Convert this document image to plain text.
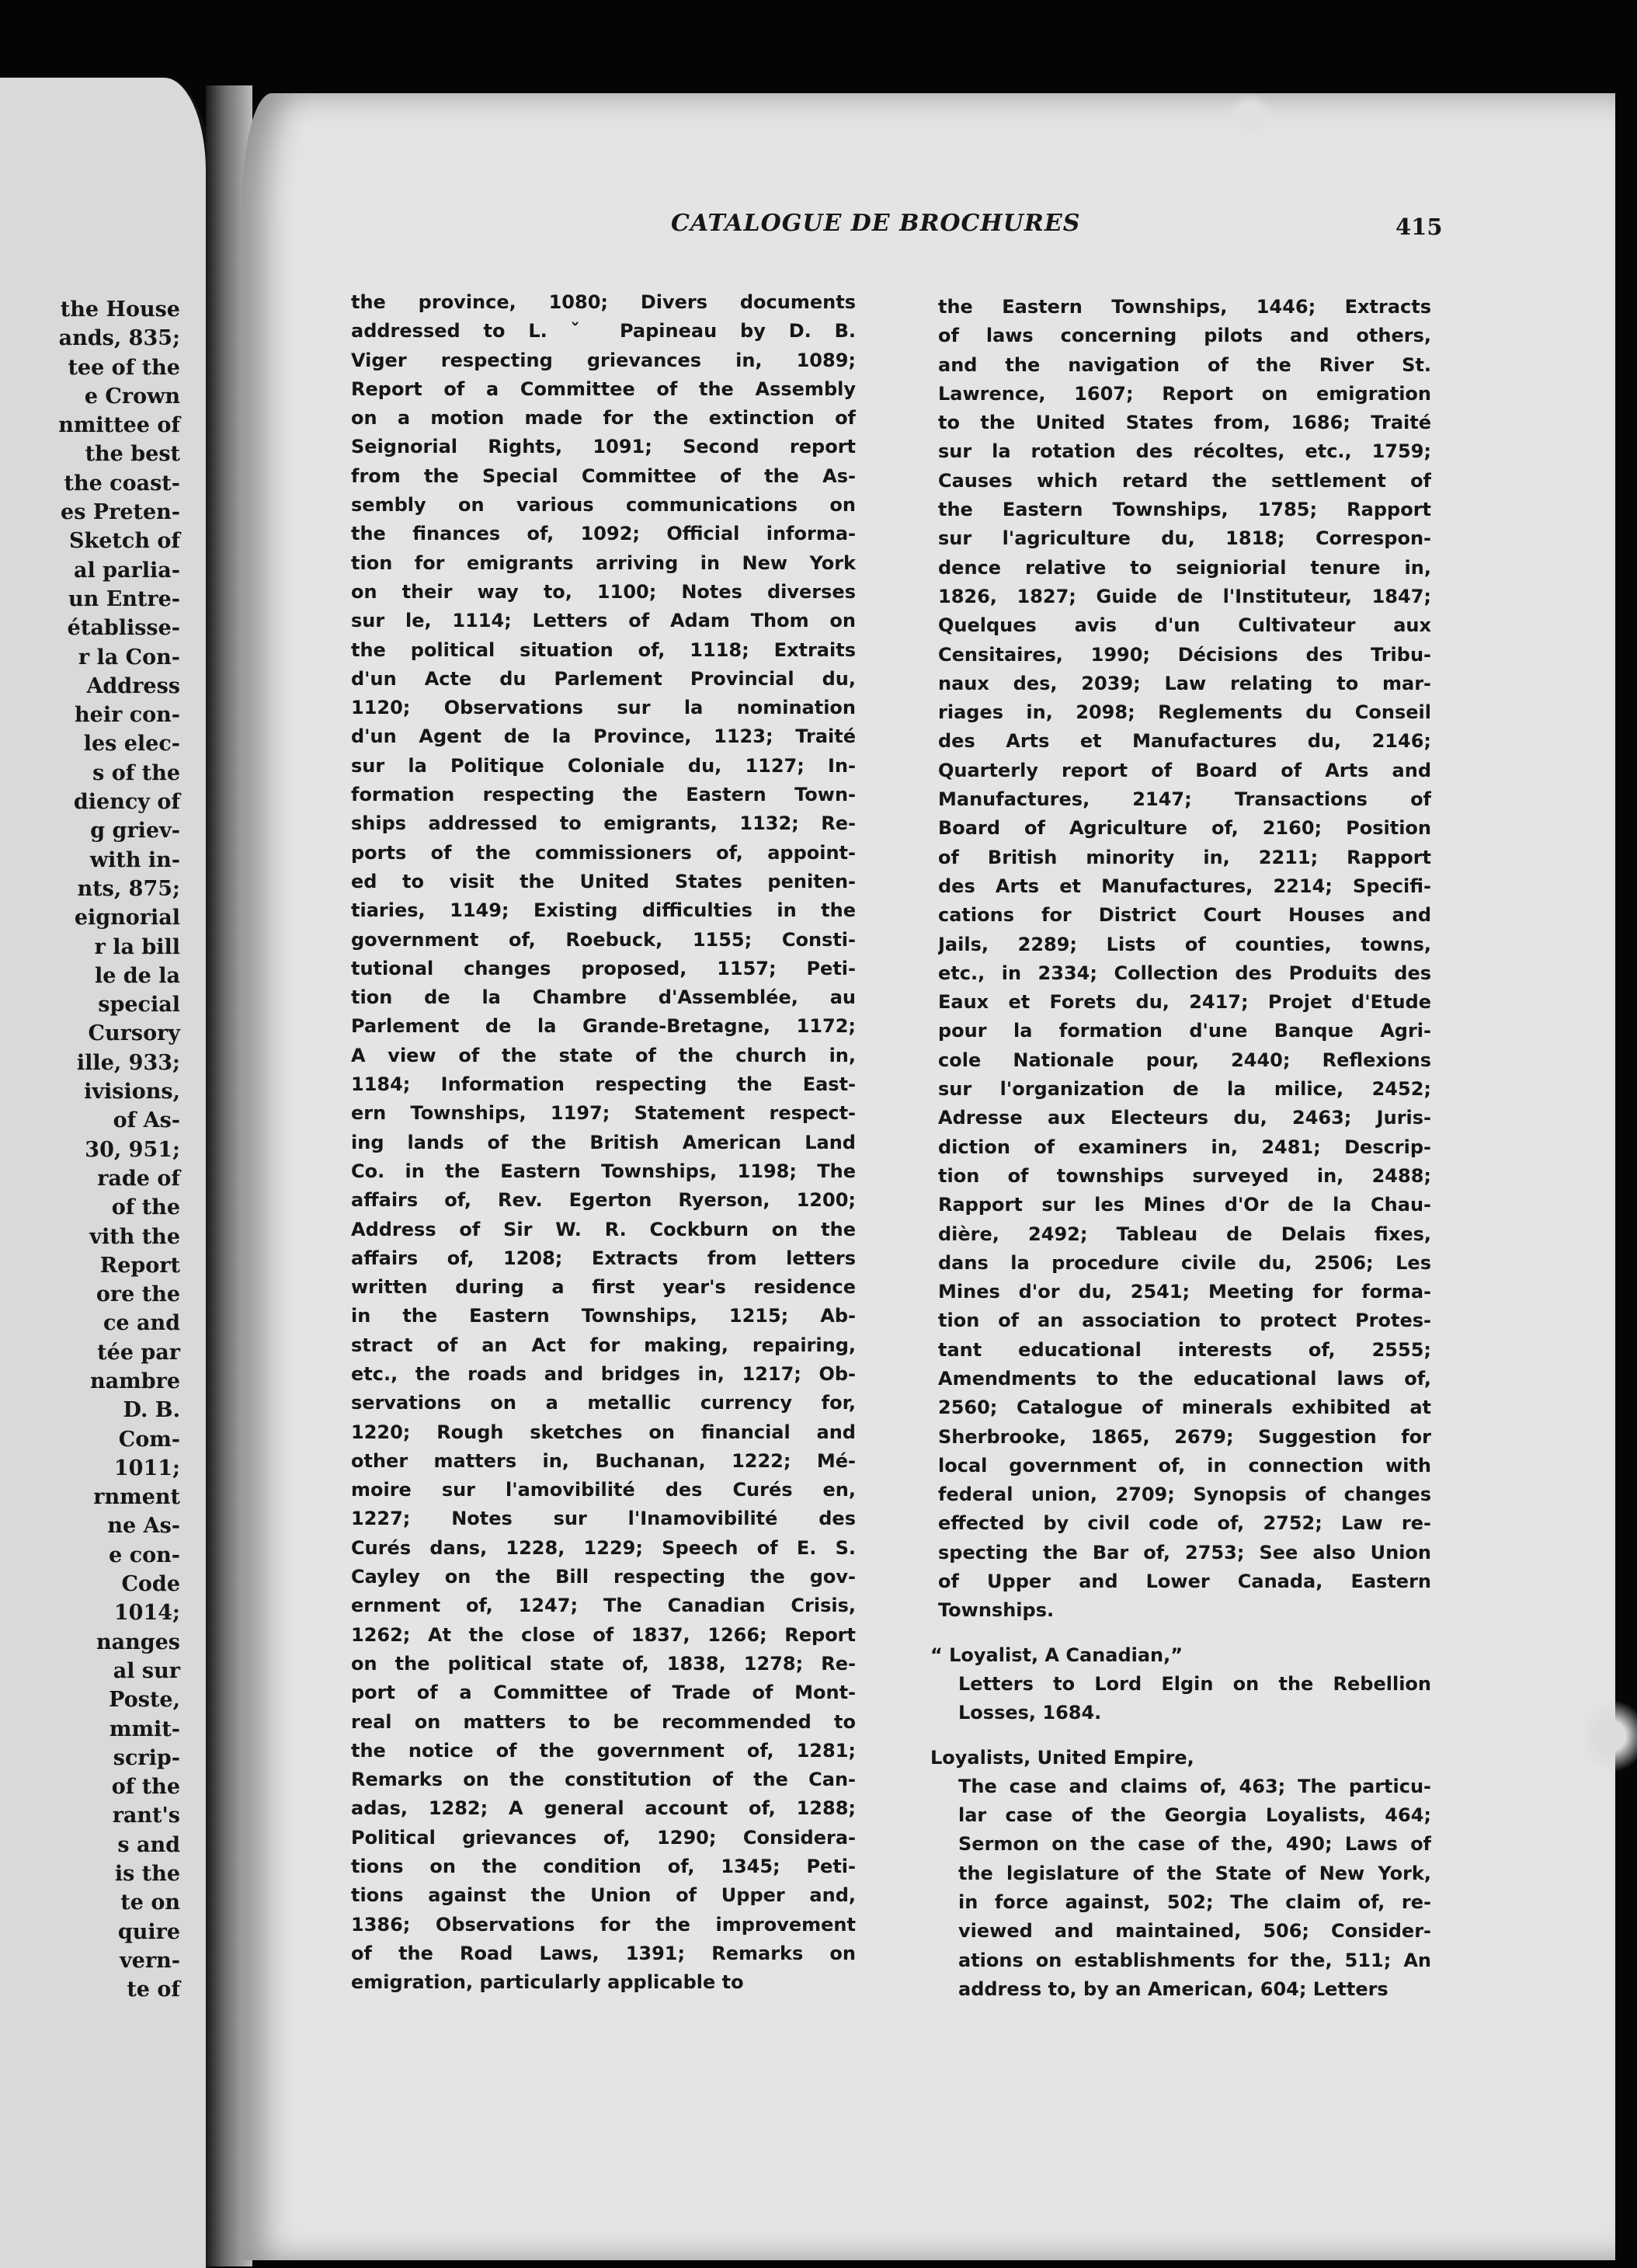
the House
ands, 835;
tee of the
e Crown
nmittee of
the best
the coast-
es Preten-
Sketch of
al parlia-
un Entre-
établisse-
r la Con-
Address
heir con-
les elec-
s of the
diency of
g griev-
with in-
nts, 875;
eignorial
r la bill
le de la
special
Cursory
ille, 933;
ivisions,
of As-
30, 951;
rade of
of the
vith the
Report
ore the
ce and
tée par
nambre
D. B.
Com-
1011;
rnment
ne As-
e con-
Code
1014;
nanges
al sur
Poste,
mmit-
scrip-
of the
rant's
s and
is the
te on
quire
vern-
te of
CATALOGUE DE BROCHURES	415
the province, 1080; Divers documents
addressed to L. ˇ Papineau by D. B.
Viger respecting grievances in, 1089;
Report of a Committee of the Assembly
on a motion made for the extinction of
Seignorial Rights, 1091; Second report
from the Special Committee of the As-
sembly on various communications on
the finances of, 1092; Official informa-
tion for emigrants arriving in New York
on their way to, 1100; Notes diverses
sur le, 1114; Letters of Adam Thom on
the political situation of, 1118; Extraits
d'un Acte du Parlement Provincial du,
1120; Observations sur la nomination
d'un Agent de la Province, 1123; Traité
sur la Politique Coloniale du, 1127; In-
formation respecting the Eastern Town-
ships addressed to emigrants, 1132; Re-
ports of the commissioners of, appoint-
ed to visit the United States peniten-
tiaries, 1149; Existing difficulties in the
government of, Roebuck, 1155; Consti-
tutional changes proposed, 1157; Peti-
tion de la Chambre d'Assemblée, au
Parlement de la Grande-Bretagne, 1172;
A view of the state of the church in,
1184; Information respecting the East-
ern Townships, 1197; Statement respect-
ing lands of the British American Land
Co. in the Eastern Townships, 1198; The
affairs of, Rev. Egerton Ryerson, 1200;
Address of Sir W. R. Cockburn on the
affairs of, 1208; Extracts from letters
written during a first year's residence
in the Eastern Townships, 1215; Ab-
stract of an Act for making, repairing,
etc., the roads and bridges in, 1217; Ob-
servations on a metallic currency for,
1220; Rough sketches on financial and
other matters in, Buchanan, 1222; Mé-
moire sur l'amovibilité des Curés en,
1227; Notes sur l'Inamovibilité des
Curés dans, 1228, 1229; Speech of E. S.
Cayley on the Bill respecting the gov-
ernment of, 1247; The Canadian Crisis,
1262; At the close of 1837, 1266; Report
on the political state of, 1838, 1278; Re-
port of a Committee of Trade of Mont-
real on matters to be recommended to
the notice of the government of, 1281;
Remarks on the constitution of the Can-
adas, 1282; A general account of, 1288;
Political grievances of, 1290; Considera-
tions on the condition of, 1345; Peti-
tions against the Union of Upper and,
1386; Observations for the improvement
of the Road Laws, 1391; Remarks on
emigration, particularly applicable to
the Eastern Townships, 1446; Extracts
of laws concerning pilots and others,
and the navigation of the River St.
Lawrence, 1607; Report on emigration
to the United States from, 1686; Traité
sur la rotation des récoltes, etc., 1759;
Causes which retard the settlement of
the Eastern Townships, 1785; Rapport
sur l'agriculture du, 1818; Correspon-
dence relative to seigniorial tenure in,
1826, 1827; Guide de l'Instituteur, 1847;
Quelques avis d'un Cultivateur aux
Censitaires, 1990; Décisions des Tribu-
naux des, 2039; Law relating to mar-
riages in, 2098; Reglements du Conseil
des Arts et Manufactures du, 2146;
Quarterly report of Board of Arts and
Manufactures, 2147; Transactions of
Board of Agriculture of, 2160; Position
of British minority in, 2211; Rapport
des Arts et Manufactures, 2214; Specifi-
cations for District Court Houses and
Jails, 2289; Lists of counties, towns,
etc., in 2334; Collection des Produits des
Eaux et Forets du, 2417; Projet d'Etude
pour la formation d'une Banque Agri-
cole Nationale pour, 2440; Reflexions
sur l'organization de la milice, 2452;
Adresse aux Electeurs du, 2463; Juris-
diction of examiners in, 2481; Descrip-
tion of townships surveyed in, 2488;
Rapport sur les Mines d'Or de la Chau-
dière, 2492; Tableau de Delais fixes,
dans la procedure civile du, 2506; Les
Mines d'or du, 2541; Meeting for forma-
tion of an association to protect Protes-
tant educational interests of, 2555;
Amendments to the educational laws of,
2560; Catalogue of minerals exhibited at
Sherbrooke, 1865, 2679; Suggestion for
local government of, in connection with
federal union, 2709; Synopsis of changes
effected by civil code of, 2752; Law re-
specting the Bar of, 2753; See also Union
of Upper and Lower Canada, Eastern
Townships.
“ Loyalist, A Canadian,”
Letters to Lord Elgin on the Rebellion
Losses, 1684.
Loyalists, United Empire,
The case and claims of, 463; The particu-
lar case of the Georgia Loyalists, 464;
Sermon on the case of the, 490; Laws of
the legislature of the State of New York,
in force against, 502; The claim of, re-
viewed and maintained, 506; Consider-
ations on establishments for the, 511; An
address to, by an American, 604; Letters
